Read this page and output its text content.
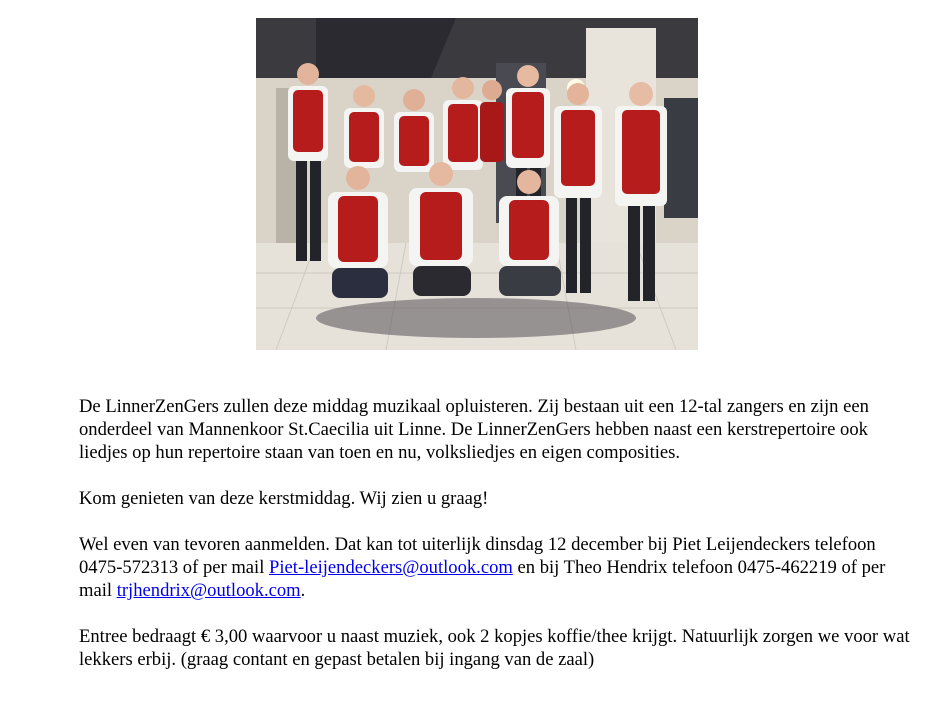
De LinnerZenGers zullen deze middag muzikaal opluisteren. Zij bestaan uit een 12-tal zangers en zijn een onderdeel van Mannenkoor St.Caecilia uit Linne. De LinnerZenGers hebben naast een kerstrepertoire ook liedjes op hun repertoire staan van toen en nu, volksliedjes en eigen composities.

Kom genieten van deze kerstmiddag. Wij zien u graag!

Wel even van tevoren aanmelden. Dat kan tot uiterlijk dinsdag 12 december bij Piet Leijendeckers telefoon 0475-572313 of per mail Piet-leijendeckers@outlook.com en bij Theo Hendrix telefoon 0475-462219 of per mail trjhendrix@outlook.com.

Entree bedraagt € 3,00 waarvoor u naast muziek, ook 2 kopjes koffie/thee krijgt. Natuurlijk zorgen we voor wat lekkers erbij. (graag contant en gepast betalen bij ingang van de zaal)
